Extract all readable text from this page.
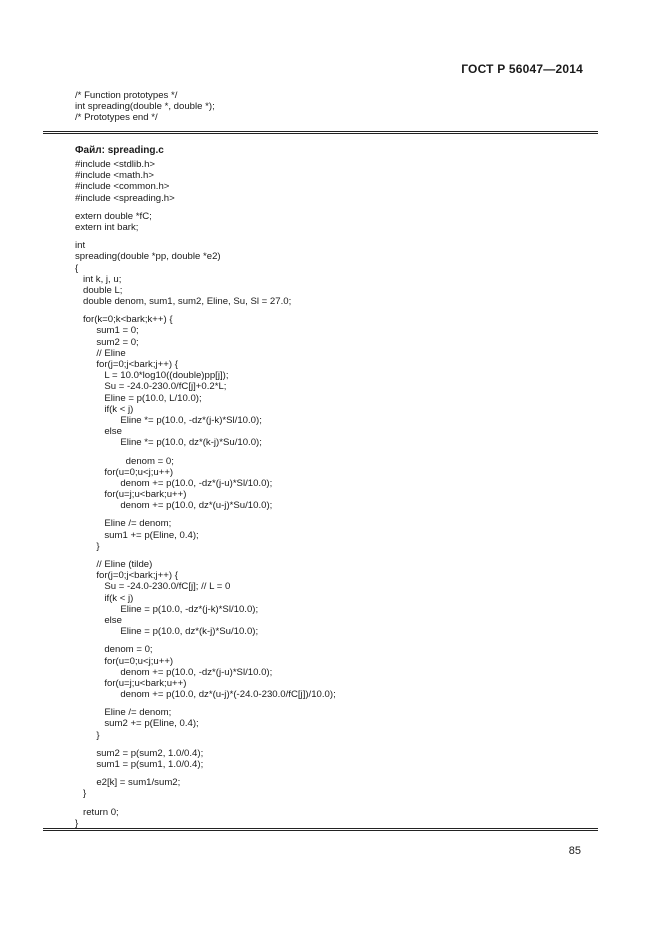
ГОСТ Р 56047—2014
/* Function prototypes */
int spreading(double *, double *);
/* Prototypes end */
Файл: spreading.c
#include <stdlib.h>
#include <math.h>
#include <common.h>
#include <spreading.h>
extern double *fC;
extern int bark;
int
spreading(double *pp, double *e2)
{
int k, j, u;
double L;
double denom, sum1, sum2, Eline, Su, Sl = 27.0;
for(k=0;k<bark;k++) {
sum1 = 0;
sum2 = 0;
// Eline
for(j=0;j<bark;j++) {
L = 10.0*log10((double)pp[j]);
Su = -24.0-230.0/fC[j]+0.2*L;
Eline = p(10.0, L/10.0);
if(k < j)
Eline *= p(10.0, -dz*(j-k)*Sl/10.0);
else
Eline *= p(10.0, dz*(k-j)*Su/10.0);
denom = 0;
for(u=0;u<j;u++)
denom += p(10.0, -dz*(j-u)*Sl/10.0);
for(u=j;u<bark;u++)
denom += p(10.0, dz*(u-j)*Su/10.0);
Eline /= denom;
sum1 += p(Eline, 0.4);
}
// Eline (tilde)
for(j=0;j<bark;j++) {
Su = -24.0-230.0/fC[j]; // L = 0
if(k < j)
Eline = p(10.0, -dz*(j-k)*Sl/10.0);
else
Eline = p(10.0, dz*(k-j)*Su/10.0);
denom = 0;
for(u=0;u<j;u++)
denom += p(10.0, -dz*(j-u)*Sl/10.0);
for(u=j;u<bark;u++)
denom += p(10.0, dz*(u-j)*(-24.0-230.0/fC[j])/10.0);
Eline /= denom;
sum2 += p(Eline, 0.4);
}
sum2 = p(sum2, 1.0/0.4);
sum1 = p(sum1, 1.0/0.4);
e2[k] = sum1/sum2;
}
return 0;
}
85
